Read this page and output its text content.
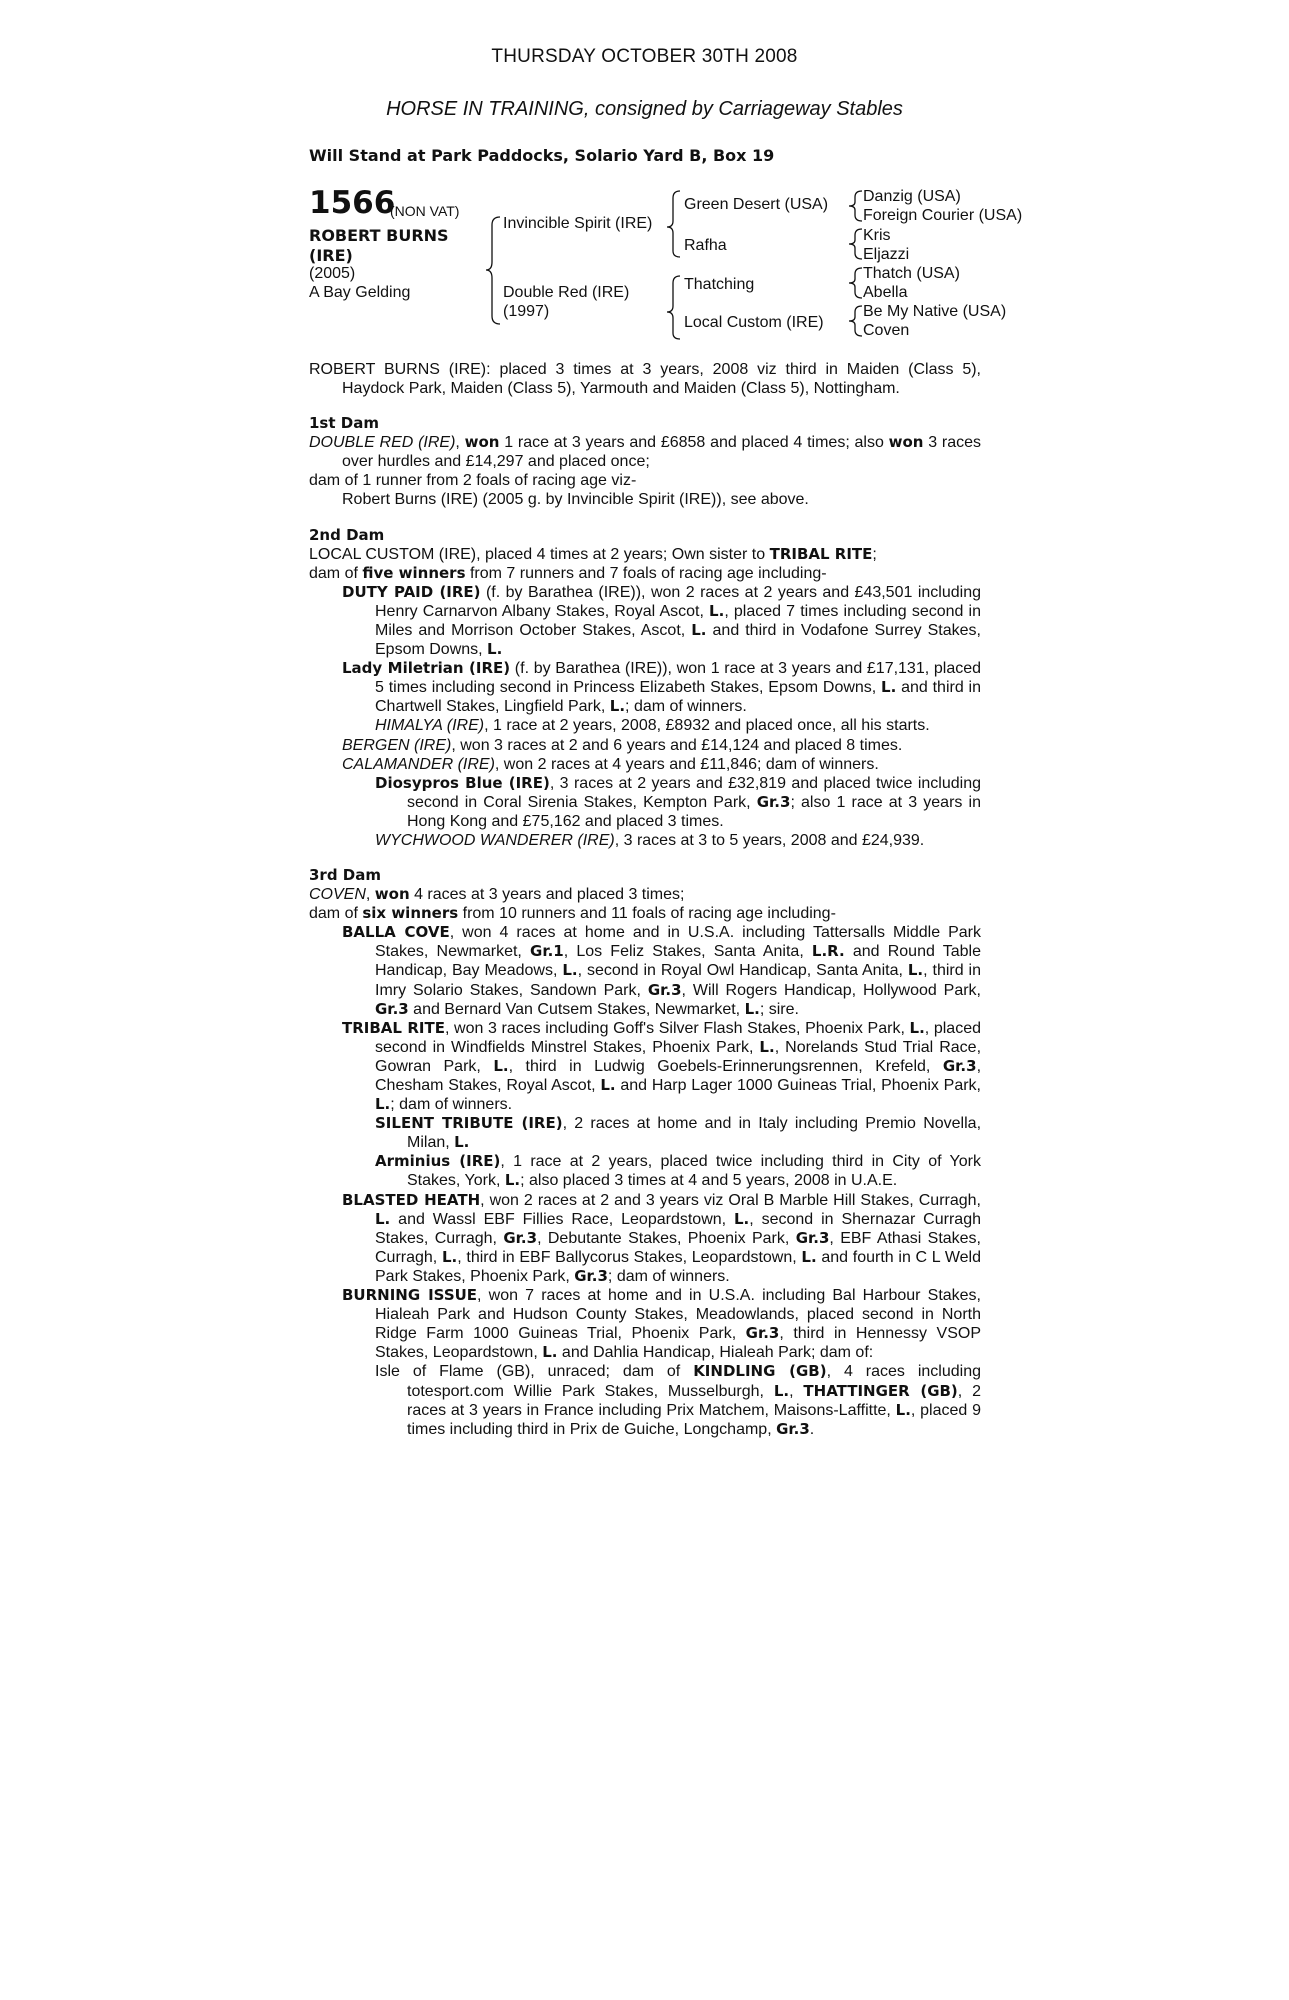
THURSDAY OCTOBER 30TH 2008
HORSE IN TRAINING, consigned by Carriageway Stables
Will Stand at Park Paddocks, Solario Yard B, Box 19
1566
(NON VAT)
ROBERT BURNS
(IRE)
(2005)
A Bay Gelding
Invincible Spirit (IRE)
Double Red (IRE)
(1997)
Green Desert (USA)
Rafha
Thatching
Local Custom (IRE)
Danzig (USA)
Foreign Courier (USA)
Kris
Eljazzi
Thatch (USA)
Abella
Be My Native (USA)
Coven
ROBERT BURNS (IRE): placed 3 times at 3 years, 2008 viz third in Maiden (Class 5), Haydock Park, Maiden (Class 5), Yarmouth and Maiden (Class 5), Nottingham.
1st Dam
DOUBLE RED (IRE), won 1 race at 3 years and £6858 and placed 4 times; also won 3 races over hurdles and £14,297 and placed once;
dam of 1 runner from 2 foals of racing age viz-
Robert Burns (IRE) (2005 g. by Invincible Spirit (IRE)), see above.
2nd Dam
LOCAL CUSTOM (IRE), placed 4 times at 2 years; Own sister to TRIBAL RITE;
dam of five winners from 7 runners and 7 foals of racing age including-
DUTY PAID (IRE) (f. by Barathea (IRE)), won 2 races at 2 years and £43,501 including Henry Carnarvon Albany Stakes, Royal Ascot, L., placed 7 times including second in Miles and Morrison October Stakes, Ascot, L. and third in Vodafone Surrey Stakes, Epsom Downs, L.
Lady Miletrian (IRE) (f. by Barathea (IRE)), won 1 race at 3 years and £17,131, placed 5 times including second in Princess Elizabeth Stakes, Epsom Downs, L. and third in Chartwell Stakes, Lingfield Park, L.; dam of winners.
HIMALYA (IRE), 1 race at 2 years, 2008, £8932 and placed once, all his starts.
BERGEN (IRE), won 3 races at 2 and 6 years and £14,124 and placed 8 times.
CALAMANDER (IRE), won 2 races at 4 years and £11,846; dam of winners.
Diosypros Blue (IRE), 3 races at 2 years and £32,819 and placed twice including second in Coral Sirenia Stakes, Kempton Park, Gr.3; also 1 race at 3 years in Hong Kong and £75,162 and placed 3 times.
WYCHWOOD WANDERER (IRE), 3 races at 3 to 5 years, 2008 and £24,939.
3rd Dam
COVEN, won 4 races at 3 years and placed 3 times;
dam of six winners from 10 runners and 11 foals of racing age including-
BALLA COVE, won 4 races at home and in U.S.A. including Tattersalls Middle Park Stakes, Newmarket, Gr.1, Los Feliz Stakes, Santa Anita, L.R. and Round Table Handicap, Bay Meadows, L., second in Royal Owl Handicap, Santa Anita, L., third in Imry Solario Stakes, Sandown Park, Gr.3, Will Rogers Handicap, Hollywood Park, Gr.3 and Bernard Van Cutsem Stakes, Newmarket, L.; sire.
TRIBAL RITE, won 3 races including Goff's Silver Flash Stakes, Phoenix Park, L., placed second in Windfields Minstrel Stakes, Phoenix Park, L., Norelands Stud Trial Race, Gowran Park, L., third in Ludwig Goebels-Erinnerungsrennen, Krefeld, Gr.3, Chesham Stakes, Royal Ascot, L. and Harp Lager 1000 Guineas Trial, Phoenix Park, L.; dam of winners.
SILENT TRIBUTE (IRE), 2 races at home and in Italy including Premio Novella, Milan, L.
Arminius (IRE), 1 race at 2 years, placed twice including third in City of York Stakes, York, L.; also placed 3 times at 4 and 5 years, 2008 in U.A.E.
BLASTED HEATH, won 2 races at 2 and 3 years viz Oral B Marble Hill Stakes, Curragh, L. and Wassl EBF Fillies Race, Leopardstown, L., second in Shernazar Curragh Stakes, Curragh, Gr.3, Debutante Stakes, Phoenix Park, Gr.3, EBF Athasi Stakes, Curragh, L., third in EBF Ballycorus Stakes, Leopardstown, L. and fourth in C L Weld Park Stakes, Phoenix Park, Gr.3; dam of winners.
BURNING ISSUE, won 7 races at home and in U.S.A. including Bal Harbour Stakes, Hialeah Park and Hudson County Stakes, Meadowlands, placed second in North Ridge Farm 1000 Guineas Trial, Phoenix Park, Gr.3, third in Hennessy VSOP Stakes, Leopardstown, L. and Dahlia Handicap, Hialeah Park; dam of:
Isle of Flame (GB), unraced; dam of KINDLING (GB), 4 races including totesport.com Willie Park Stakes, Musselburgh, L., THATTINGER (GB), 2 races at 3 years in France including Prix Matchem, Maisons-Laffitte, L., placed 9 times including third in Prix de Guiche, Longchamp, Gr.3.
